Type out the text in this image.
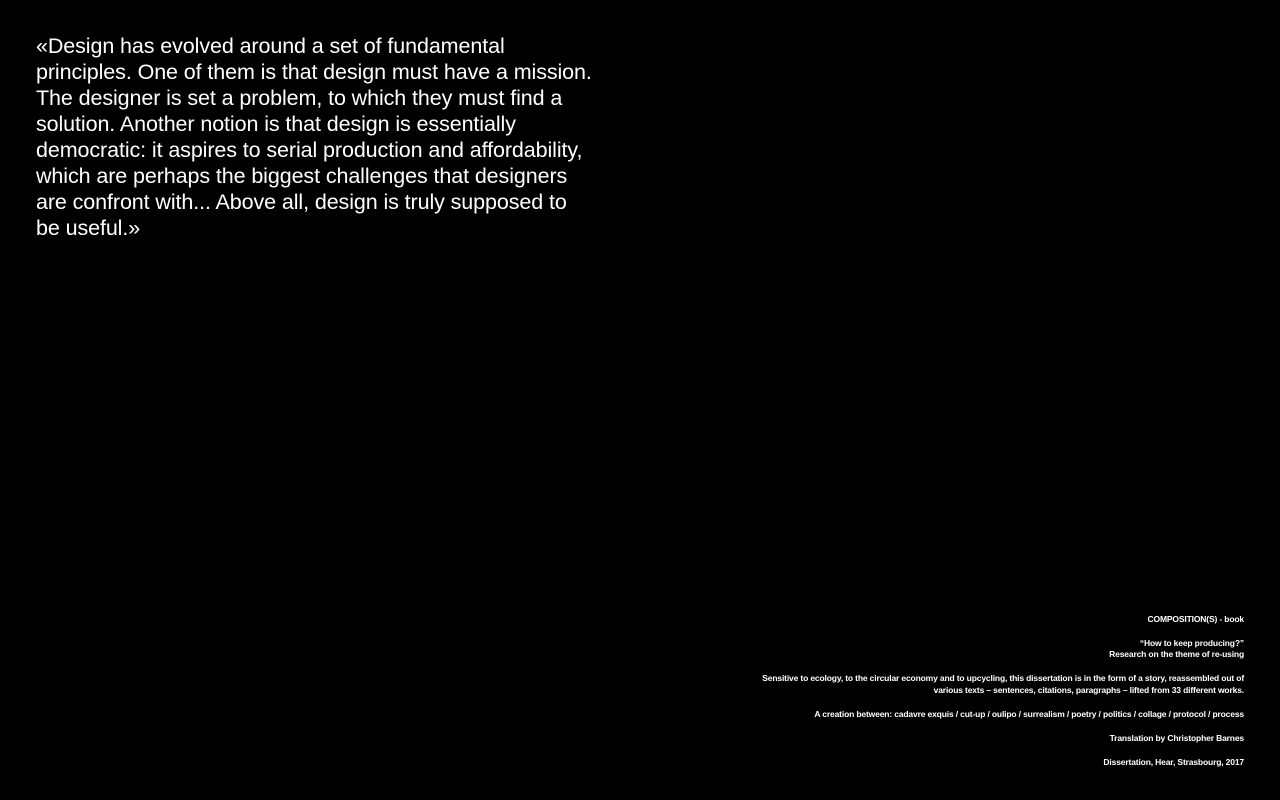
«Design has evolved around a set of fundamental principles. One of them is that design must have a mission. The designer is set a problem, to which they must find a solution. Another notion is that design is essentially democratic: it aspires to serial production and affordability, which are perhaps the biggest challenges that designers are confront with... Above all, design is truly supposed to be useful.»

COMPOSITION(S) - book

“How to keep producing?”
Research on the theme of re-using

Sensitive to ecology, to the circular economy and to upcycling, this dissertation is in the form of a story, reassembled out of
various texts – sentences, citations, paragraphs – lifted from 33 different works.

A creation between: cadavre exquis / cut-up / oulipo / surrealism / poetry / politics / collage / protocol / process

Translation by Christopher Barnes

Dissertation, Hear, Strasbourg, 2017
